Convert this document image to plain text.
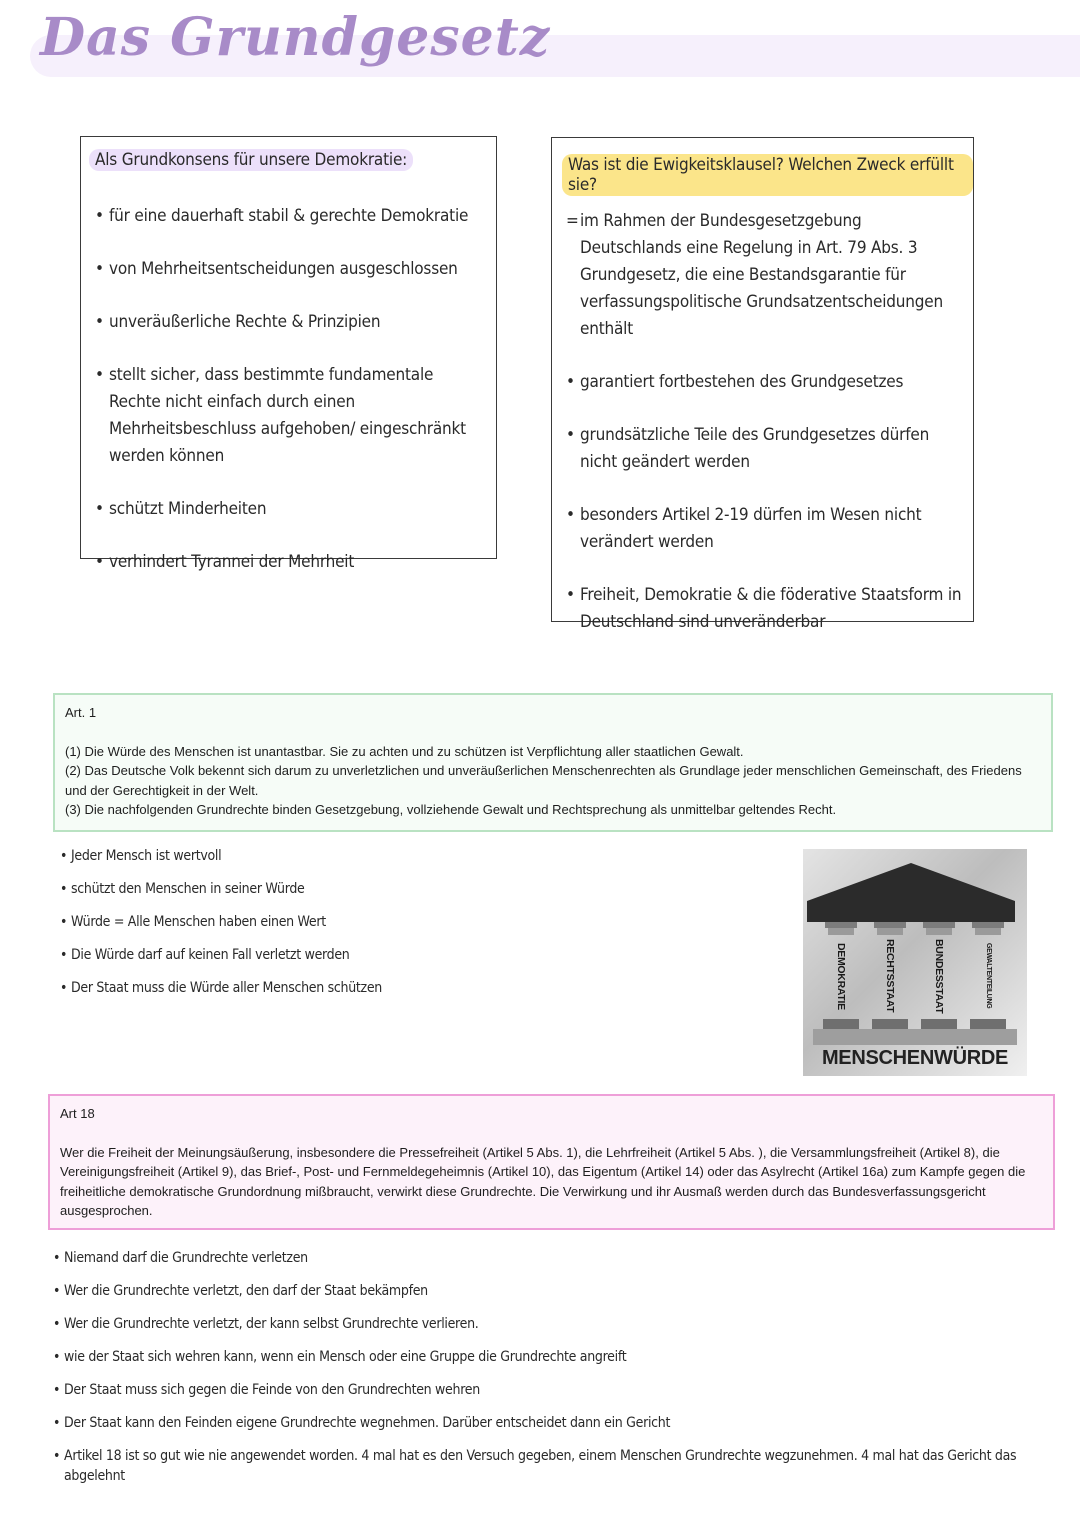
Das Grundgesetz
Als Grundkonsens für unsere Demokratie:
• für eine dauerhaft stabil & gerechte Demokratie
• von Mehrheitsentscheidungen ausgeschlossen
• unveräußerliche Rechte & Prinzipien
• stellt sicher, dass bestimmte fundamentale Rechte nicht einfach durch einen Mehrheitsbeschluss aufgehoben/ eingeschränkt werden können
• schützt Minderheiten
• verhindert Tyrannei der Mehrheit
Was ist die Ewigkeitsklausel? Welchen Zweck erfüllt sie?
= im Rahmen der Bundesgesetzgebung Deutschlands eine Regelung in Art. 79 Abs. 3 Grundgesetz, die eine Bestandsgarantie für verfassungspolitische Grundsatzentscheidungen enthält
• garantiert fortbestehen des Grundgesetzes
• grundsätzliche Teile des Grundgesetzes dürfen nicht geändert werden
• besonders Artikel 2-19 dürfen im Wesen nicht verändert werden
• Freiheit, Demokratie & die föderative Staatsform in Deutschland sind unveränderbar
Art. 1

(1) Die Würde des Menschen ist unantastbar. Sie zu achten und zu schützen ist Verpflichtung aller staatlichen Gewalt.

(2) Das Deutsche Volk bekennt sich darum zu unverletzlichen und unveräußerlichen Menschenrechten als Grundlage jeder menschlichen Gemeinschaft, des Friedens und der Gerechtigkeit in der Welt.

(3) Die nachfolgenden Grundrechte binden Gesetzgebung, vollziehende Gewalt und Rechtsprechung als unmittelbar geltendes Recht.

• Jeder Mensch ist wertvoll
• schützt den Menschen in seiner Würde
• Würde = Alle Menschen haben einen Wert
• Die Würde darf auf keinen Fall verletzt werden
• Der Staat muss die Würde aller Menschen schützen	DEMOKRATIE	RECHTSSTAAT	BUNDESSTAAT	GEWALTENTEILUNG
MENSCHENWÜRDE
Art 18

Wer die Freiheit der Meinungsäußerung, insbesondere die Pressefreiheit (Artikel 5 Abs. 1), die Lehrfreiheit (Artikel 5 Abs. ), die Versammlungsfreiheit (Artikel 8), die Vereinigungsfreiheit (Artikel 9), das Brief-, Post- und Fernmeldegeheimnis (Artikel 10), das Eigentum (Artikel 14) oder das Asylrecht (Artikel 16a) zum Kampfe gegen die freiheitliche demokratische Grundordnung mißbraucht, verwirkt diese Grundrechte. Die Verwirkung und ihr Ausmaß werden durch das Bundesverfassungsgericht ausgesprochen.

• Niemand darf die Grundrechte verletzen
• Wer die Grundrechte verletzt, den darf der Staat bekämpfen
• Wer die Grundrechte verletzt, der kann selbst Grundrechte verlieren.
• wie der Staat sich wehren kann, wenn ein Mensch oder eine Gruppe die Grundrechte angreift
• Der Staat muss sich gegen die Feinde von den Grundrechten wehren
• Der Staat kann den Feinden eigene Grundrechte wegnehmen. Darüber entscheidet dann ein Gericht
• Artikel 18 ist so gut wie nie angewendet worden. 4 mal hat es den Versuch gegeben, einem Menschen Grundrechte wegzunehmen. 4 mal hat das Gericht das abgelehnt
